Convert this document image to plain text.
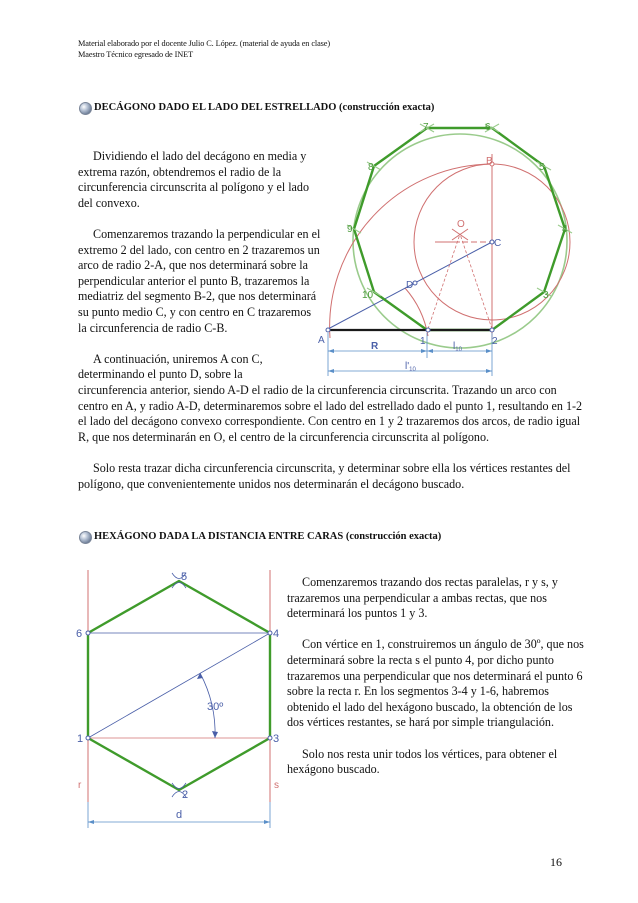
Material elaborado por el docente Julio C. López. (material de ayuda en clase)
Maestro Técnico egresado de INET
DECÁGONO DADO EL LADO DEL ESTRELLADO (construcción exacta)

Dividiendo el lado del decágono en media y extrema razón, obtendremos el radio de la circunferencia circunscrita al polígono y el lado del convexo.

Comenzaremos trazando la perpendicular en el extremo 2 del lado, con centro en 2 trazaremos un arco de radio 2-A, que nos determinará sobre la perpendicular anterior el punto B, trazaremos la mediatriz del segmento B-2, que nos determinará su punto medio C, y con centro en C trazaremos la circunferencia de radio C-B.

A continuación, uniremos A con C, determinando el punto D, sobre la

circunferencia anterior, siendo A-D el radio de la circunferencia circunscrita. Trazando un arco con centro en A, y radio A-D, determinaremos sobre el lado del estrellado dado el punto 1, resultando en 1-2 el lado del decágono convexo correspondiente. Con centro en 1 y 2 trazaremos dos arcos, de radio igual R, que nos determinarán en O, el centro de la circunferencia circunscrita al polígono.

Solo resta trazar dicha circunferencia circunscrita, y determinar sobre ella los vértices restantes del polígono, que convenientemente unidos nos determinarán el decágono buscado.

7	6
8	5
9	4
10	3
1	2
A
C
D
B
O
R	$l_{10}$
$l'_{10}$
HEXÁGONO DADA LA DISTANCIA ENTRE CARAS (construcción exacta)
5
6	4
1	3
2
30º
d
r	s

Comenzaremos trazando dos rectas paralelas, r y s, y trazaremos una perpendicular a ambas rectas, que nos determinará los puntos 1 y 3.

Con vértice en 1, construiremos un ángulo de 30º, que nos determinará sobre la recta s el punto 4, por dicho punto trazaremos una perpendicular que nos determinará el punto 6 sobre la recta r. En los segmentos 3-4 y 1-6, habremos obtenido el lado del hexágono buscado, la obtención de los dos vértices restantes, se hará por simple triangulación.

Solo nos resta unir todos los vértices, para obtener el hexágono buscado.

16
